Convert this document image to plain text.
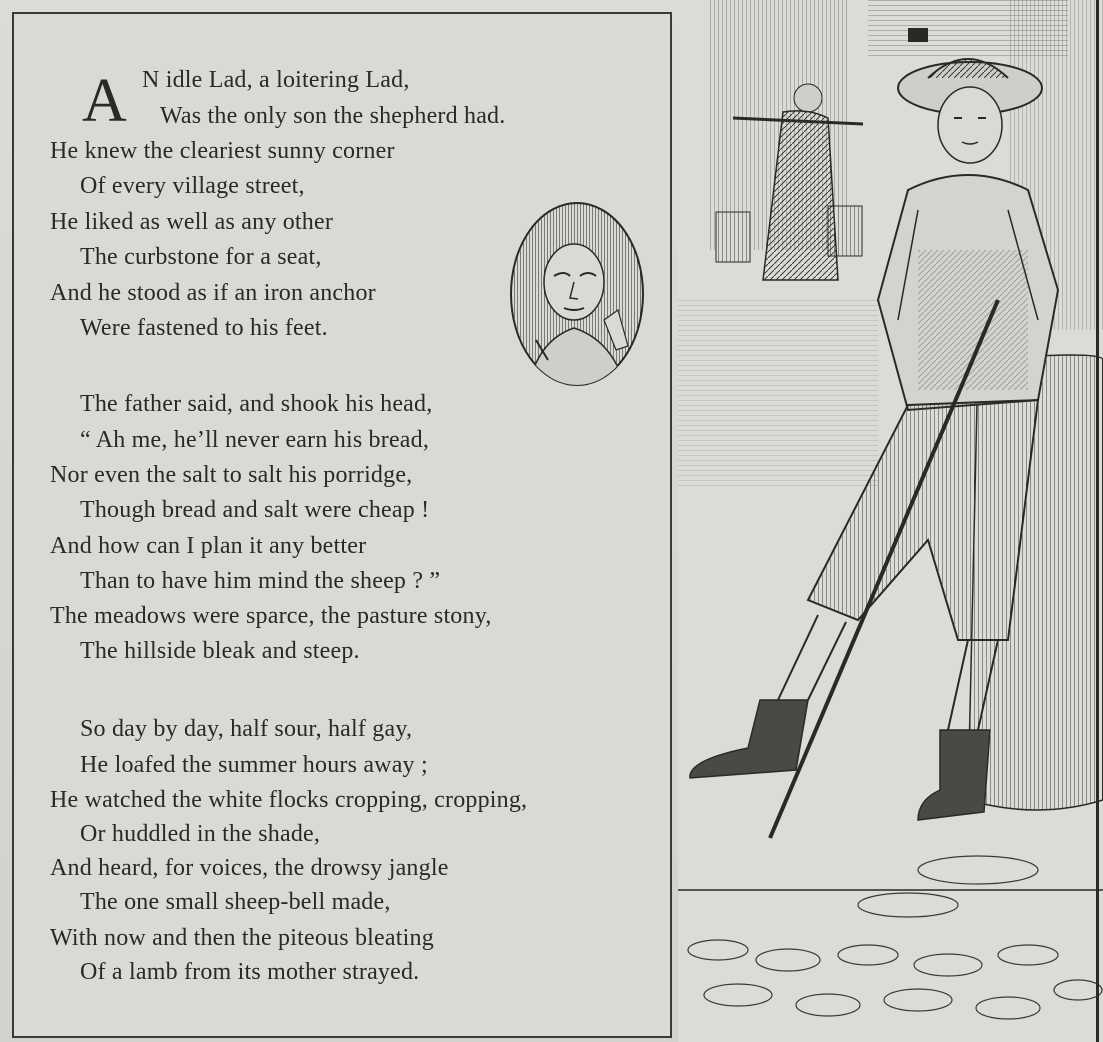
A N idle Lad, a loitering Lad,
Was the only son the shepherd had.
He knew the cleariest sunny corner
Of every village street,
He liked as well as any other
The curbstone for a seat,
And he stood as if an iron anchor
Were fastened to his feet.
The father said, and shook his head,
“ Ah me, he’ll never earn his bread,
Nor even the salt to salt his porridge,
Though bread and salt were cheap !
And how can I plan it any better
Than to have him mind the sheep ? ”
The meadows were sparce, the pasture stony,
The hillside bleak and steep.
So day by day, half sour, half gay,
He loafed the summer hours away ;
He watched the white flocks cropping, cropping,
Or huddled in the shade,
And heard, for voices, the drowsy jangle
The one small sheep-bell made,
With now and then the piteous bleating
Of a lamb from its mother strayed.
